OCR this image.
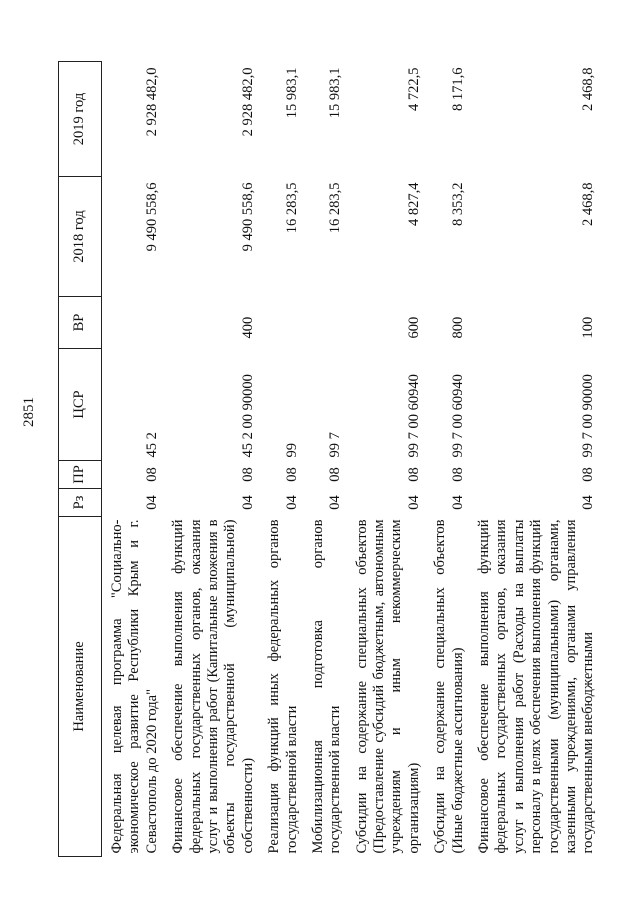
2851
Наименование	Рз	ПР	ЦСР	ВР	2018 год	2019 год
Федеральная целевая программа "Социально-экономическое развитие Республики Крым и г. Севастополь до 2020 года"	04	08	45 2		9 490 558,6	2 928 482,0
Финансовое обеспечение выполнения функций федеральных государственных органов, оказания услуг и выполнения работ (Капитальные вложения в объекты государственной (муниципальной) собственности)	04	08	45 2 00 90000	400	9 490 558,6	2 928 482,0
Реализация функций иных федеральных органов государственной власти	04	08	99		16 283,5	15 983,1
Мобилизационная подготовка органов государственной власти	04	08	99 7		16 283,5	15 983,1
Субсидии на содержание специальных объектов (Предоставление субсидий бюджетным, автономным учреждениям и иным некоммерческим организациям)	04	08	99 7 00 60940	600	4 827,4	4 722,5
Субсидии на содержание специальных объектов (Иные бюджетные ассигнования)	04	08	99 7 00 60940	800	8 353,2	8 171,6
Финансовое обеспечение выполнения функций федеральных государственных органов, оказания услуг и выполнения работ (Расходы на выплаты персоналу в целях обеспечения выполнения функций государственными (муниципальными) органами, казенными учреждениями, органами управления государственными внебюджетными	04	08	99 7 00 90000	100	2 468,8	2 468,8
